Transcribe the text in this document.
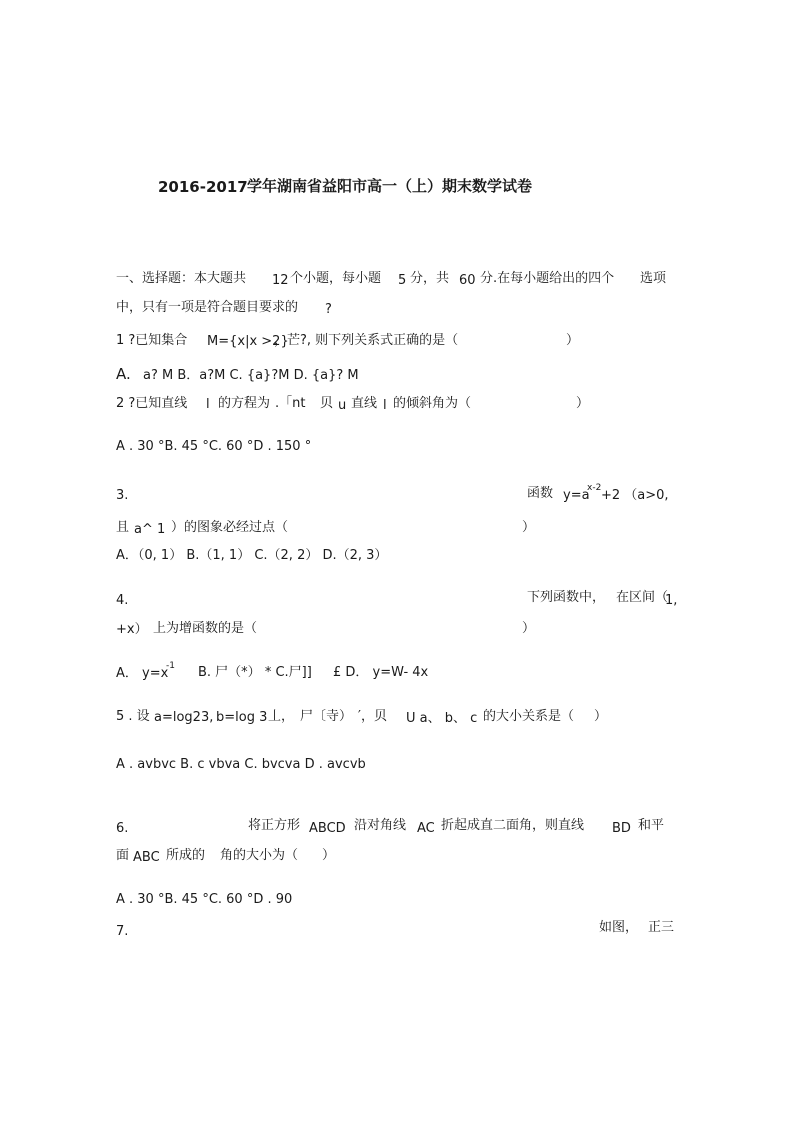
2016-2017 学年湖南省益阳市高一（上）期末数学试卷
一、选择题：本大题共 12 个小题，每小题 5 分，共 60 分.在每小题给出的四个 选项
中，只有一项是符合题目要求的 ?
1 ?已知集合 M={x|x >2}
，芒?, 则下列关系式正确的是（	）
A. a? M B．a?M C. {a}?M D. {a}? M
2 ?已知直线 l 的方程为 .「nt 贝 u 直线 l 的倾斜角为（	）
A . 30 °B. 45 °C. 60 °D . 150 °
3.	函数 y=a
x-2 +2 （a>0,
且 a^ 1 ）的图象必经过点（	）
A．（0, 1） B.（1, 1） C.（2, 2） D.（2, 3）
4.	下列函数中， 在区间（
1,
+x） 上为增函数的是（	）
A． y=x
-1 B. 尸（*） * C.尸]] £ D． y=W- 4x
5 . 设 a=log23, b=log 3 丄， 尸〔寺） ′，贝 U a、 b、 c 的大小关系是（ ）
A . avbvc B. c vbva C. bvcva D . avcvb
6.	将正方形 ABCD 沿对角线 AC 折起成直二面角，则直线 BD 和平
面 ABC 所成的 角的大小为（ ）
A . 30 °B. 45 °C. 60 °D . 90
7.	如图， 正三
